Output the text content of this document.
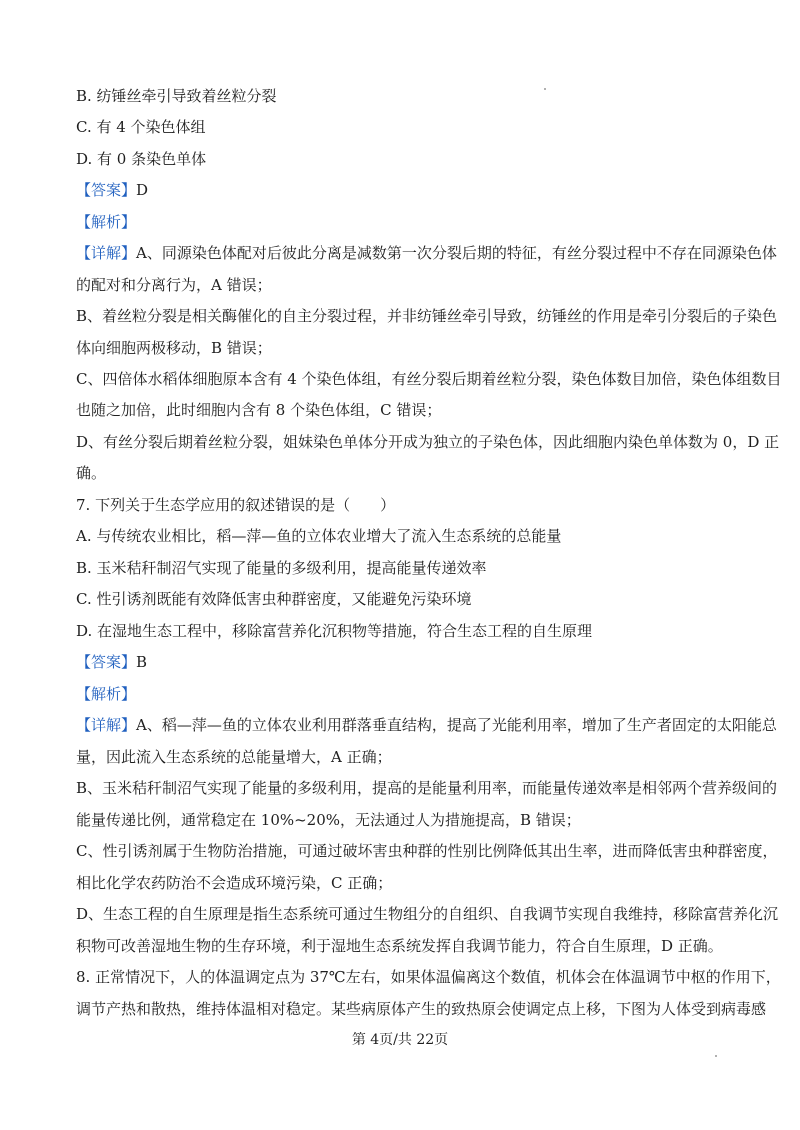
B. 纺锤丝牵引导致着丝粒分裂
C. 有 4 个染色体组
D. 有 0 条染色单体
【答案】D
【解析】
【详解】A、同源染色体配对后彼此分离是减数第一次分裂后期的特征，有丝分裂过程中不存在同源染色体
的配对和分离行为，A 错误；
B、着丝粒分裂是相关酶催化的自主分裂过程，并非纺锤丝牵引导致，纺锤丝的作用是牵引分裂后的子染色
体向细胞两极移动，B 错误；
C、四倍体水稻体细胞原本含有 4 个染色体组，有丝分裂后期着丝粒分裂，染色体数目加倍，染色体组数目
也随之加倍，此时细胞内含有 8 个染色体组，C 错误；
D、有丝分裂后期着丝粒分裂，姐妹染色单体分开成为独立的子染色体，因此细胞内染色单体数为 0，D 正
确。
7. 下列关于生态学应用的叙述错误的是（　　）
A. 与传统农业相比，稻—萍—鱼的立体农业增大了流入生态系统的总能量
B. 玉米秸秆制沼气实现了能量的多级利用，提高能量传递效率
C. 性引诱剂既能有效降低害虫种群密度，又能避免污染环境
D. 在湿地生态工程中，移除富营养化沉积物等措施，符合生态工程的自生原理
【答案】B
【解析】
【详解】A、稻—萍—鱼的立体农业利用群落垂直结构，提高了光能利用率，增加了生产者固定的太阳能总
量，因此流入生态系统的总能量增大，A 正确；
B、玉米秸秆制沼气实现了能量的多级利用，提高的是能量利用率，而能量传递效率是相邻两个营养级间的
能量传递比例，通常稳定在 10%~20%，无法通过人为措施提高，B 错误；
C、性引诱剂属于生物防治措施，可通过破坏害虫种群的性别比例降低其出生率，进而降低害虫种群密度，
相比化学农药防治不会造成环境污染，C 正确；
D、生态工程的自生原理是指生态系统可通过生物组分的自组织、自我调节实现自我维持，移除富营养化沉
积物可改善湿地生物的生存环境，利于湿地生态系统发挥自我调节能力，符合自生原理，D 正确。
8. 正常情况下，人的体温调定点为 37℃左右，如果体温偏离这个数值，机体会在体温调节中枢的作用下，
调节产热和散热，维持体温相对稳定。某些病原体产生的致热原会使调定点上移，下图为人体受到病毒感
第 4页/共 22页
